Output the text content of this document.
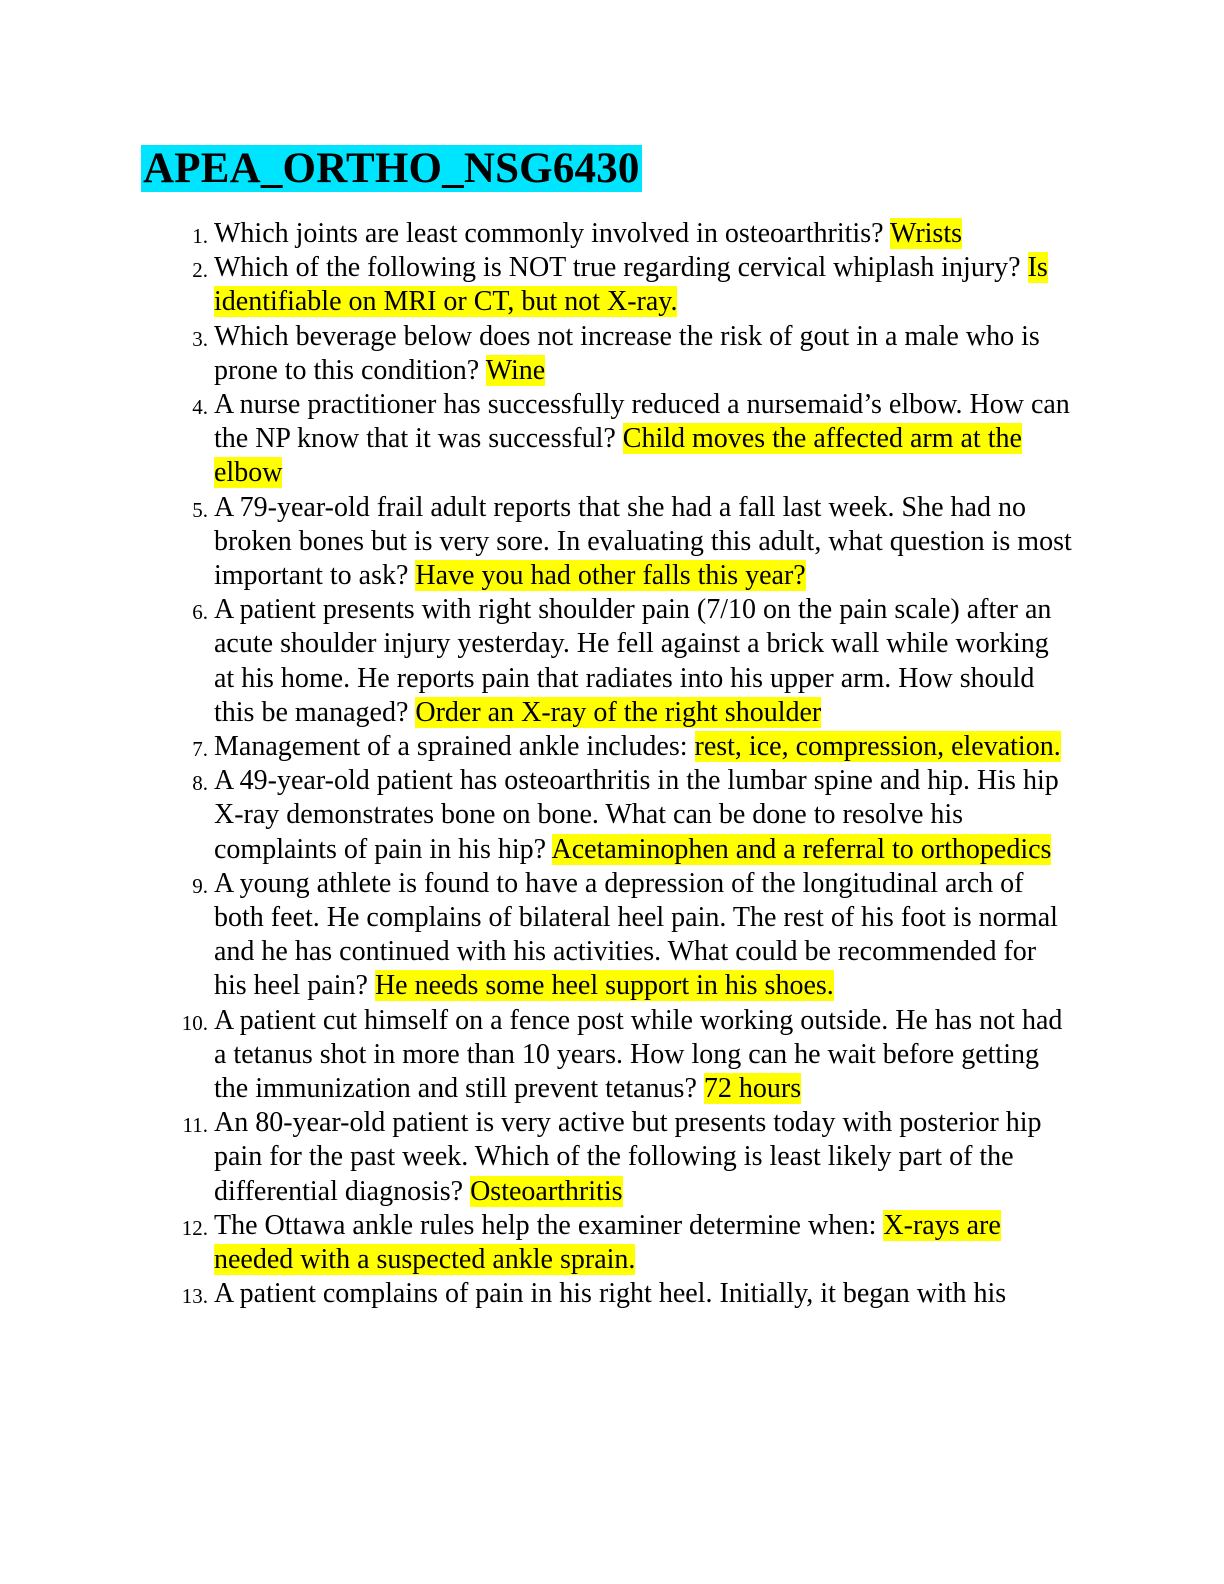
APEA_ORTHO_NSG6430
1. Which joints are least commonly involved in osteoarthritis? Wrists
2. Which of the following is NOT true regarding cervical whiplash injury? Is identifiable on MRI or CT, but not X-ray.
3. Which beverage below does not increase the risk of gout in a male who is prone to this condition? Wine
4. A nurse practitioner has successfully reduced a nursemaid’s elbow. How can the NP know that it was successful? Child moves the affected arm at the elbow
5. A 79-year-old frail adult reports that she had a fall last week. She had no broken bones but is very sore. In evaluating this adult, what question is most important to ask? Have you had other falls this year?
6. A patient presents with right shoulder pain (7/10 on the pain scale) after an acute shoulder injury yesterday. He fell against a brick wall while working at his home. He reports pain that radiates into his upper arm. How should this be managed? Order an X-ray of the right shoulder
7. Management of a sprained ankle includes: rest, ice, compression, elevation.
8. A 49-year-old patient has osteoarthritis in the lumbar spine and hip. His hip X-ray demonstrates bone on bone. What can be done to resolve his complaints of pain in his hip? Acetaminophen and a referral to orthopedics
9. A young athlete is found to have a depression of the longitudinal arch of both feet. He complains of bilateral heel pain. The rest of his foot is normal and he has continued with his activities. What could be recommended for his heel pain? He needs some heel support in his shoes.
10. A patient cut himself on a fence post while working outside. He has not had a tetanus shot in more than 10 years. How long can he wait before getting the immunization and still prevent tetanus? 72 hours
11. An 80-year-old patient is very active but presents today with posterior hip pain for the past week. Which of the following is least likely part of the differential diagnosis? Osteoarthritis
12. The Ottawa ankle rules help the examiner determine when: X-rays are needed with a suspected ankle sprain.
13. A patient complains of pain in his right heel. Initially, it began with his
